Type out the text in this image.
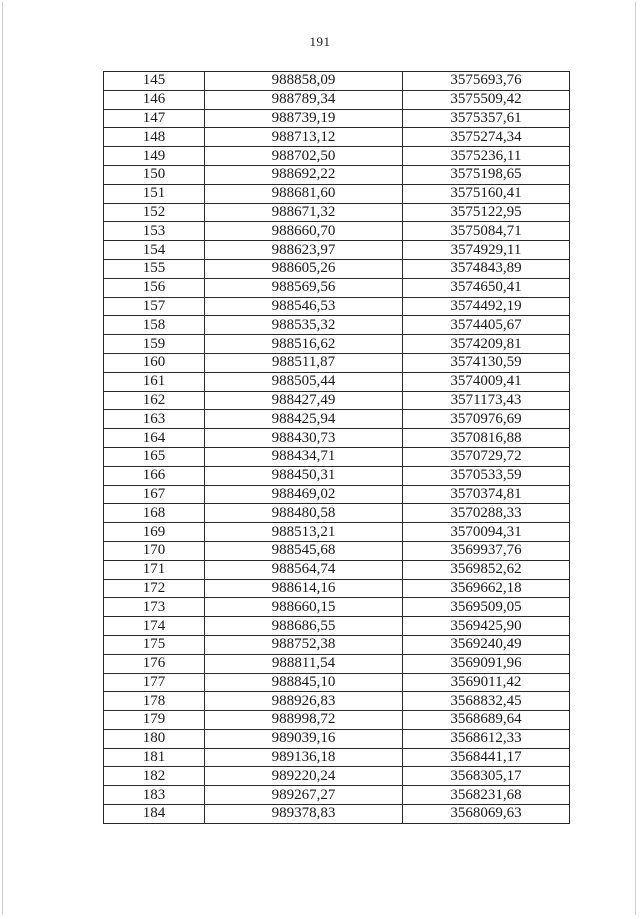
191
145	988858,09	3575693,76
146	988789,34	3575509,42
147	988739,19	3575357,61
148	988713,12	3575274,34
149	988702,50	3575236,11
150	988692,22	3575198,65
151	988681,60	3575160,41
152	988671,32	3575122,95
153	988660,70	3575084,71
154	988623,97	3574929,11
155	988605,26	3574843,89
156	988569,56	3574650,41
157	988546,53	3574492,19
158	988535,32	3574405,67
159	988516,62	3574209,81
160	988511,87	3574130,59
161	988505,44	3574009,41
162	988427,49	3571173,43
163	988425,94	3570976,69
164	988430,73	3570816,88
165	988434,71	3570729,72
166	988450,31	3570533,59
167	988469,02	3570374,81
168	988480,58	3570288,33
169	988513,21	3570094,31
170	988545,68	3569937,76
171	988564,74	3569852,62
172	988614,16	3569662,18
173	988660,15	3569509,05
174	988686,55	3569425,90
175	988752,38	3569240,49
176	988811,54	3569091,96
177	988845,10	3569011,42
178	988926,83	3568832,45
179	988998,72	3568689,64
180	989039,16	3568612,33
181	989136,18	3568441,17
182	989220,24	3568305,17
183	989267,27	3568231,68
184	989378,83	3568069,63
